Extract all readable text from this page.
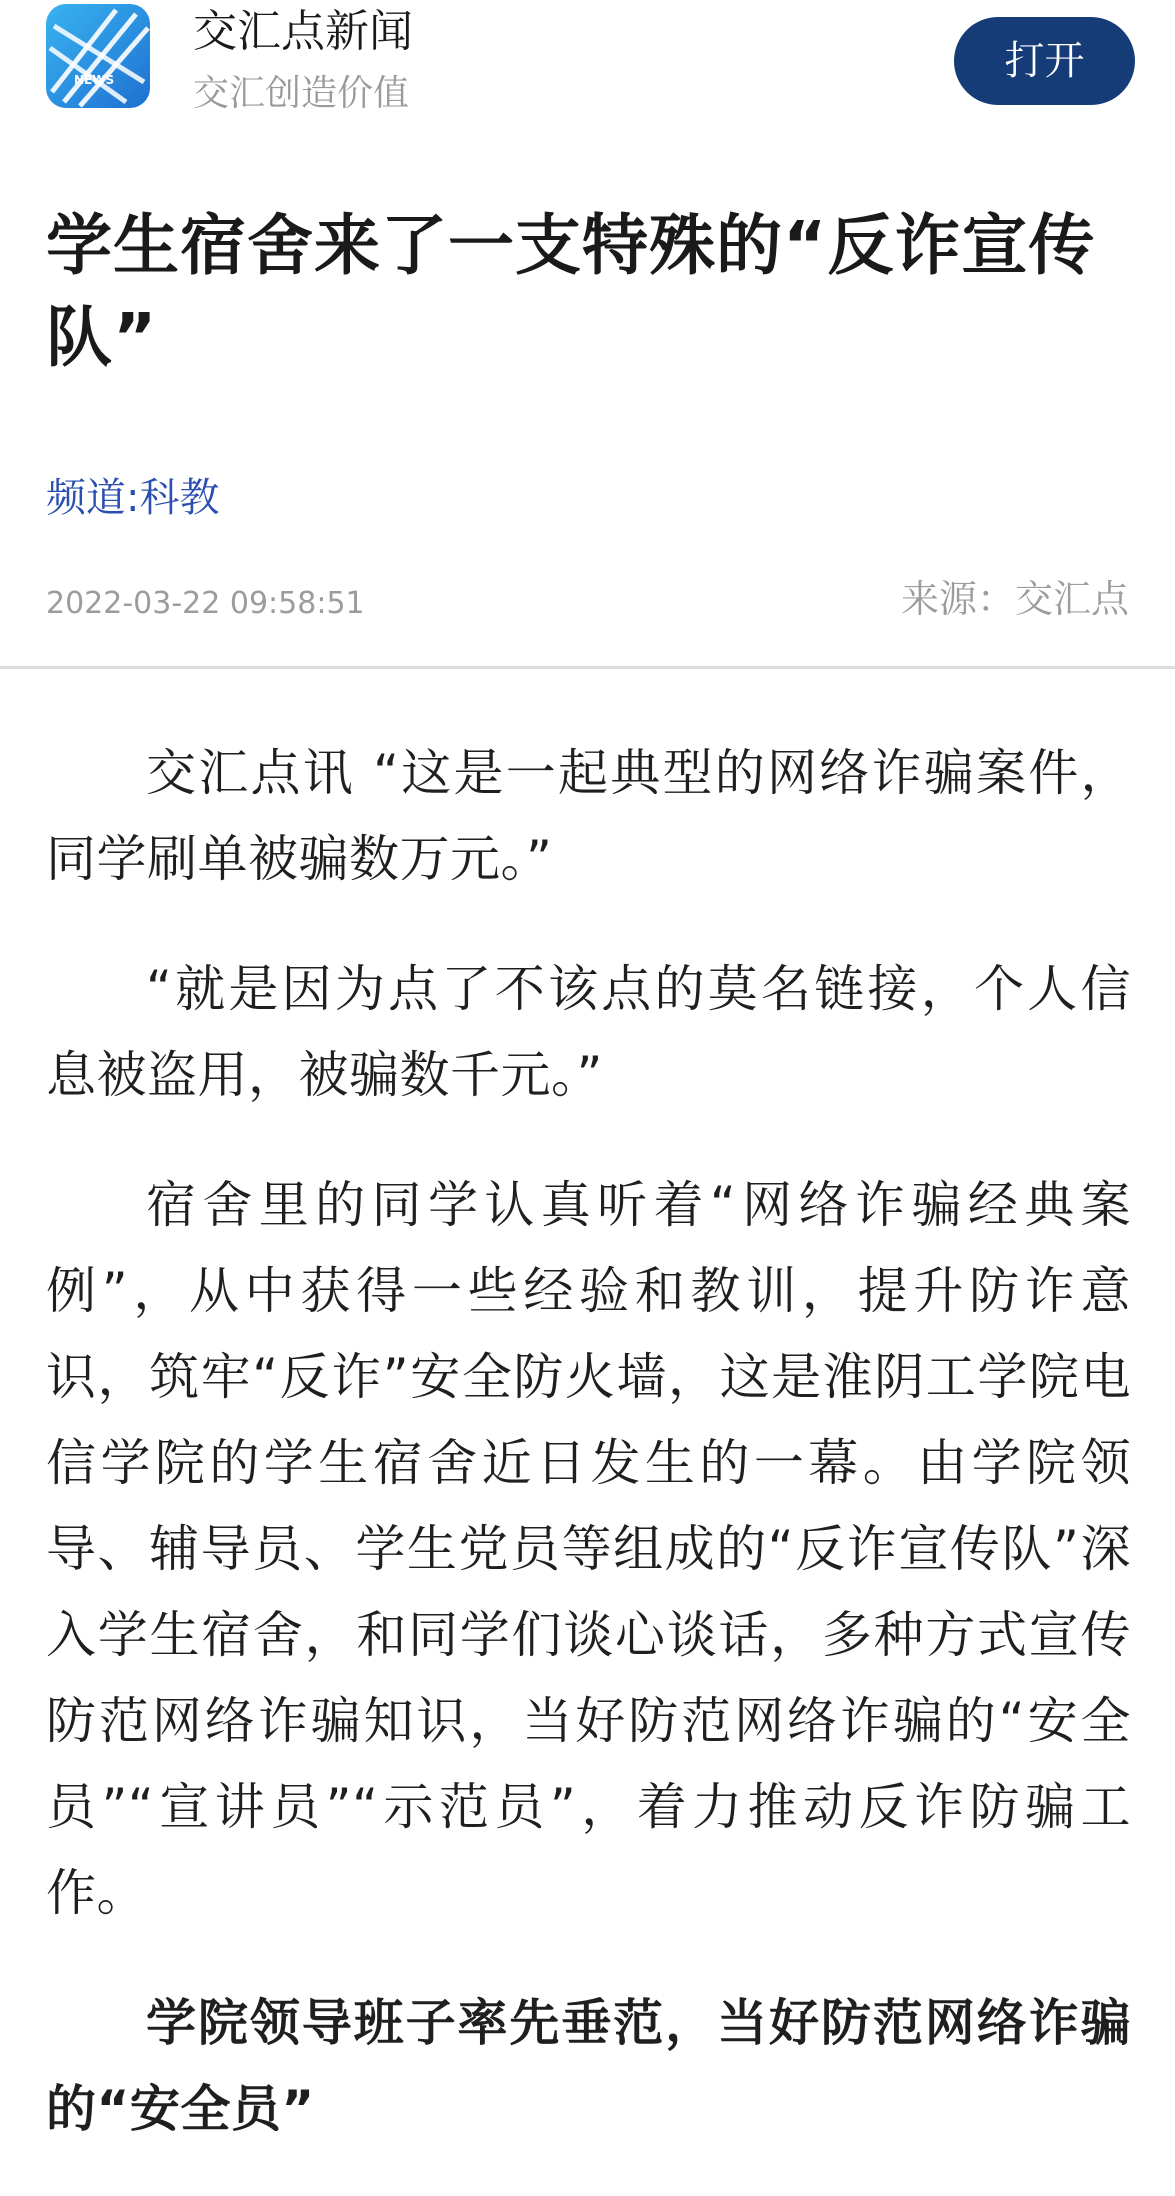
NEWS
交汇点新闻
交汇创造价值
打开
学生宿舍来了一支特殊的“反诈宣传队”
频道:科教
2022-03-22 09:58:51	来源：交汇点

交汇点讯 “这是一起典型的网络诈骗案件，同学刷单被骗数万元。”

“就是因为点了不该点的莫名链接，个人信息被盗用，被骗数千元。”

宿舍里的同学认真听着“网络诈骗经典案例”，从中获得一些经验和教训，提升防诈意识，筑牢“反诈”安全防火墙，这是淮阴工学院电信学院的学生宿舍近日发生的一幕。由学院领导、辅导员、学生党员等组成的“反诈宣传队”深入学生宿舍，和同学们谈心谈话，多种方式宣传防范网络诈骗知识，当好防范网络诈骗的“安全员”“宣讲员”“示范员”，着力推动反诈防骗工作。

学院领导班子率先垂范，当好防范网络诈骗的“安全员”
